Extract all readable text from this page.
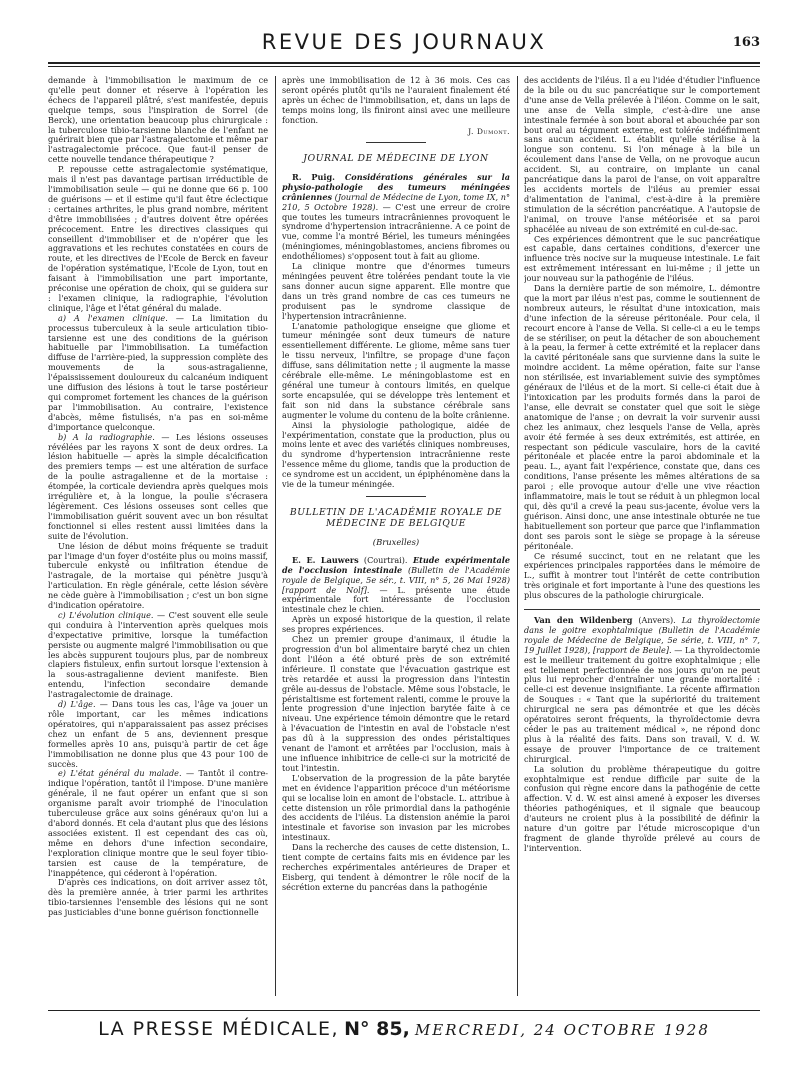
REVUE DES JOURNAUX	163

demande à l'immobilisation le maximum de ce qu'elle peut donner et réserve à l'opération les échecs de l'appareil plâtré, s'est manifestée, depuis quelque temps, sous l'inspiration de Sorrel (de Berck), une orientation beaucoup plus chirurgicale : la tuberculose tibio-tarsienne blanche de l'enfant ne guérirait bien que par l'astragalectomie et même par l'astragalectomie précoce. Que faut-il penser de cette nouvelle tendance thérapeutique ?

P. repousse cette astragalectomie systématique, mais il n'est pas davantage partisan irréductible de l'immobilisation seule — qui ne donne que 66 p. 100 de guérisons — et il estime qu'il faut être éclectique : certaines arthrites, le plus grand nombre, méritent d'être immobilisées ; d'autres doivent être opérées précocement. Entre les directives classiques qui conseillent d'immobiliser et de n'opérer que les aggravations et les rechutes constatées en cours de route, et les directives de l'Ecole de Berck en faveur de l'opération systématique, l'Ecole de Lyon, tout en faisant à l'immobilisation une part importante, préconise une opération de choix, qui se guidera sur : l'examen clinique, la radiographie, l'évolution clinique, l'âge et l'état général du malade.

a) A l'examen clinique. — La limitation du processus tuberculeux à la seule articulation tibio-tarsienne est une des conditions de la guérison habituelle par l'immobilisation. La tuméfaction diffuse de l'arrière-pied, la suppression complète des mouvements de la sous-astragalienne, l'épaississement douloureux du calcanéum indiquent une diffusion des lésions à tout le tarse postérieur qui compromet fortement les chances de la guérison par l'immobilisation. Au contraire, l'existence d'abcès, même fistulisés, n'a pas en soi-même d'importance quelconque.

b) A la radiographie. — Les lésions osseuses révélées par les rayons X sont de deux ordres. La lésion habituelle — après la simple décalcification des premiers temps — est une altération de surface de la poulie astragalienne et de la mortaise : étompée, la corticale deviendra après quelques mois irrégulière et, à la longue, la poulie s'écrasera légèrement. Ces lésions osseuses sont celles que l'immobilisation guérit souvent avec un bon résultat fonctionnel si elles restent aussi limitées dans la suite de l'évolution.

Une lésion de début moins fréquente se traduit par l'image d'un foyer d'ostéite plus ou moins massif, tubercule enkysté ou infiltration étendue de l'astragale, de la mortaise qui pénètre jusqu'à l'articulation. En règle générale, cette lésion sévère ne cède guère à l'immobilisation ; c'est un bon signe d'indication opératoire.

c) L'évolution clinique. — C'est souvent elle seule qui conduira à l'intervention après quelques mois d'expectative primitive, lorsque la tuméfaction persiste ou augmente malgré l'immobilisation ou que les abcès suppurent toujours plus, par de nombreux clapiers fistuleux, enfin surtout lorsque l'extension à la sous-astragalienne devient manifeste. Bien entendu, l'infection secondaire demande l'astragalectomie de drainage.

d) L'âge. — Dans tous les cas, l'âge va jouer un rôle important, car les mêmes indications opératoires, qui n'apparaissaient pas assez précises chez un enfant de 5 ans, deviennent presque formelles après 10 ans, puisqu'à partir de cet âge l'immobilisation ne donne plus que 43 pour 100 de succès.

e) L'état général du malade. — Tantôt il contre-indique l'opération, tantôt il l'impose. D'une manière générale, il ne faut opérer un enfant que si son organisme paraît avoir triomphé de l'inoculation tuberculeuse grâce aux soins généraux qu'on lui a d'abord donnés. Et cela d'autant plus que des lésions associées existent. Il est cependant des cas où, même en dehors d'une infection secondaire, l'exploration clinique montre que le seul foyer tibio-tarsien est cause de la température, de l'inappétence, qui céderont à l'opération.

D'après ces indications, on doit arriver assez tôt, dès la première année, à trier parmi les arthrites tibio-tarsiennes l'ensemble des lésions qui ne sont pas justiciables d'une bonne guérison fonctionnelle

après une immobilisation de 12 à 36 mois. Ces cas seront opérés plutôt qu'ils ne l'auraient finalement été après un échec de l'immobilisation, et, dans un laps de temps moins long, ils finiront ainsi avec une meilleure fonction.

J. Dumont.
JOURNAL DE MÉDECINE DE LYON

R. Puig. Considérations générales sur la physio-pathologie des tumeurs méningées crâniennes (Journal de Médecine de Lyon, tome IX, n° 210, 5 Octobre 1928). — C'est une erreur de croire que toutes les tumeurs intracrâniennes provoquent le syndrome d'hypertension intracrânienne. A ce point de vue, comme l'a montré Bériel, les tumeurs méningées (méningiomes, méningoblastomes, anciens fibromes ou endothéliomes) s'opposent tout à fait au gliome.

La clinique montre que d'énormes tumeurs méningées peuvent être tolérées pendant toute la vie sans donner aucun signe apparent. Elle montre que dans un très grand nombre de cas ces tumeurs ne produisent pas le syndrome classique de l'hypertension intracrânienne.

L'anatomie pathologique enseigne que gliome et tumeur méningée sont deux tumeurs de nature essentiellement différente. Le gliome, même sans tuer le tissu nerveux, l'infiltre, se propage d'une façon diffuse, sans délimitation nette ; il augmente la masse cérébrale elle-même. Le méningoblastome est en général une tumeur à contours limités, en quelque sorte encapsulée, qui se développe très lentement et fait son nid dans la substance cérébrale sans augmenter le volume du contenu de la boîte crânienne.

Ainsi la physiologie pathologique, aidée de l'expérimentation, constate que la production, plus ou moins lente et avec des variétés cliniques nombreuses, du syndrome d'hypertension intracrânienne reste l'essence même du gliome, tandis que la production de ce syndrome est un accident, un épiphénomène dans la vie de la tumeur méningée.

BULLETIN DE L'ACADÉMIE ROYALE DE MÉDECINE DE BELGIQUE
(Bruxelles)

E. E. Lauwers (Courtrai). Etude expérimentale de l'occlusion intestinale (Bulletin de l'Académie royale de Belgique, 5e sér., t. VIII, n° 5, 26 Mai 1928) [rapport de Nolf]. — L. présente une étude expérimentale fort intéressante de l'occlusion intestinale chez le chien.

Après un exposé historique de la question, il relate ses propres expériences.

Chez un premier groupe d'animaux, il étudie la progression d'un bol alimentaire baryté chez un chien dont l'iléon a été obturé près de son extrémité inférieure. Il constate que l'évacuation gastrique est très retardée et aussi la progression dans l'intestin grêle au-dessus de l'obstacle. Même sous l'obstacle, le péristaltisme est fortement ralenti, comme le prouve la lente progression d'une injection barytée faite à ce niveau. Une expérience témoin démontre que le retard à l'évacuation de l'intestin en aval de l'obstacle n'est pas dû à la suppression des ondes péristaltiques venant de l'amont et arrêtées par l'occlusion, mais à une influence inhibitrice de celle-ci sur la motricité de tout l'intestin.

L'observation de la progression de la pâte barytée met en évidence l'apparition précoce d'un météorisme qui se localise loin en amont de l'obstacle. L. attribue à cette distension un rôle primordial dans la pathogénie des accidents de l'iléus. La distension anémie la paroi intestinale et favorise son invasion par les microbes intestinaux.

Dans la recherche des causes de cette distension, L. tient compte de certains faits mis en évidence par les recherches expérimentales antérieures de Draper et Eisberg, qui tendent à démontrer le rôle nocif de la sécrétion externe du pancréas dans la pathogénie

des accidents de l'iléus. Il a eu l'idée d'étudier l'influence de la bile ou du suc pancréatique sur le comportement d'une anse de Vella prélevée à l'iléon. Comme on le sait, une anse de Vella simple, c'est-à-dire une anse intestinale fermée à son bout aboral et abouchée par son bout oral au tégument externe, est tolérée indéfiniment sans aucun accident. L. établit qu'elle stérilise à la longue son contenu. Si l'on ménage à la bile un écoulement dans l'anse de Vella, on ne provoque aucun accident. Si, au contraire, on implante un canal pancréatique dans la paroi de l'anse, on voit apparaître les accidents mortels de l'iléus au premier essai d'alimentation de l'animal, c'est-à-dire à la première stimulation de la sécrétion pancréatique. A l'autopsie de l'animal, on trouve l'anse météorisée et sa paroi sphacélée au niveau de son extrémité en cul-de-sac.

Ces expériences démontrent que le suc pancréatique est capable, dans certaines conditions, d'exercer une influence très nocive sur la muqueuse intestinale. Le fait est extrêmement intéressant en lui-même ; il jette un jour nouveau sur la pathogénie de l'iléus.

Dans la dernière partie de son mémoire, L. démontre que la mort par iléus n'est pas, comme le soutiennent de nombreux auteurs, le résultat d'une intoxication, mais d'une infection de la séreuse péritonéale. Pour cela, il recourt encore à l'anse de Vella. Si celle-ci a eu le temps de se stériliser, on peut la détacher de son abouchement à la peau, la fermer à cette extrémité et la replacer dans la cavité péritonéale sans que survienne dans la suite le moindre accident. La même opération, faite sur l'anse non stérilisée, est invariablement suivie des symptômes généraux de l'iléus et de la mort. Si celle-ci était due à l'intoxication par les produits formés dans la paroi de l'anse, elle devrait se constater quel que soit le siège anatomique de l'anse ; on devrait la voir survenir aussi chez les animaux, chez lesquels l'anse de Vella, après avoir été fermée à ses deux extrémités, est attirée, en respectant son pédicule vasculaire, hors de la cavité péritonéale et placée entre la paroi abdominale et la peau. L., ayant fait l'expérience, constate que, dans ces conditions, l'anse présente les mêmes altérations de sa paroi ; elle provoque autour d'elle une vive réaction inflammatoire, mais le tout se réduit à un phlegmon local qui, dès qu'il a crevé la peau sus-jacente, évolue vers la guérison. Ainsi donc, une anse intestinale obturée ne tue habituellement son porteur que parce que l'inflammation dont ses parois sont le siège se propage à la séreuse péritonéale.

Ce résumé succinct, tout en ne relatant que les expériences principales rapportées dans le mémoire de L., suffit à montrer tout l'intérêt de cette contribution très originale et fort importante à l'une des questions les plus obscures de la pathologie chirurgicale.

Van den Wildenberg (Anvers). La thyroïdectomie dans le goitre exophtalmique (Bulletin de l'Académie royale de Médecine de Belgique, 5e série, t. VIII, n° 7, 19 Juillet 1928), [rapport de Beule]. — La thyroïdectomie est le meilleur traitement du goitre exophtalmique ; elle est tellement perfectionnée de nos jours qu'on ne peut plus lui reprocher d'entraîner une grande mortalité : celle-ci est devenue insignifiante. La récente affirmation de Souques : « Tant que la supériorité du traitement chirurgical ne sera pas démontrée et que les décès opératoires seront fréquents, la thyroïdectomie devra céder le pas au traitement médical », ne répond donc plus à la réalité des faits. Dans son travail, V. d. W. essaye de prouver l'importance de ce traitement chirurgical.

La solution du problème thérapeutique du goitre exophtalmique est rendue difficile par suite de la confusion qui règne encore dans la pathogénie de cette affection. V. d. W. est ainsi amené à exposer les diverses théories pathogéniques, et il signale que beaucoup d'auteurs ne croient plus à la possibilité de définir la nature d'un goitre par l'étude microscopique d'un fragment de glande thyroïde prélevé au cours de l'intervention.

LA PRESSE MÉDICALE, N° 85, MERCREDI, 24 OCTOBRE 1928
